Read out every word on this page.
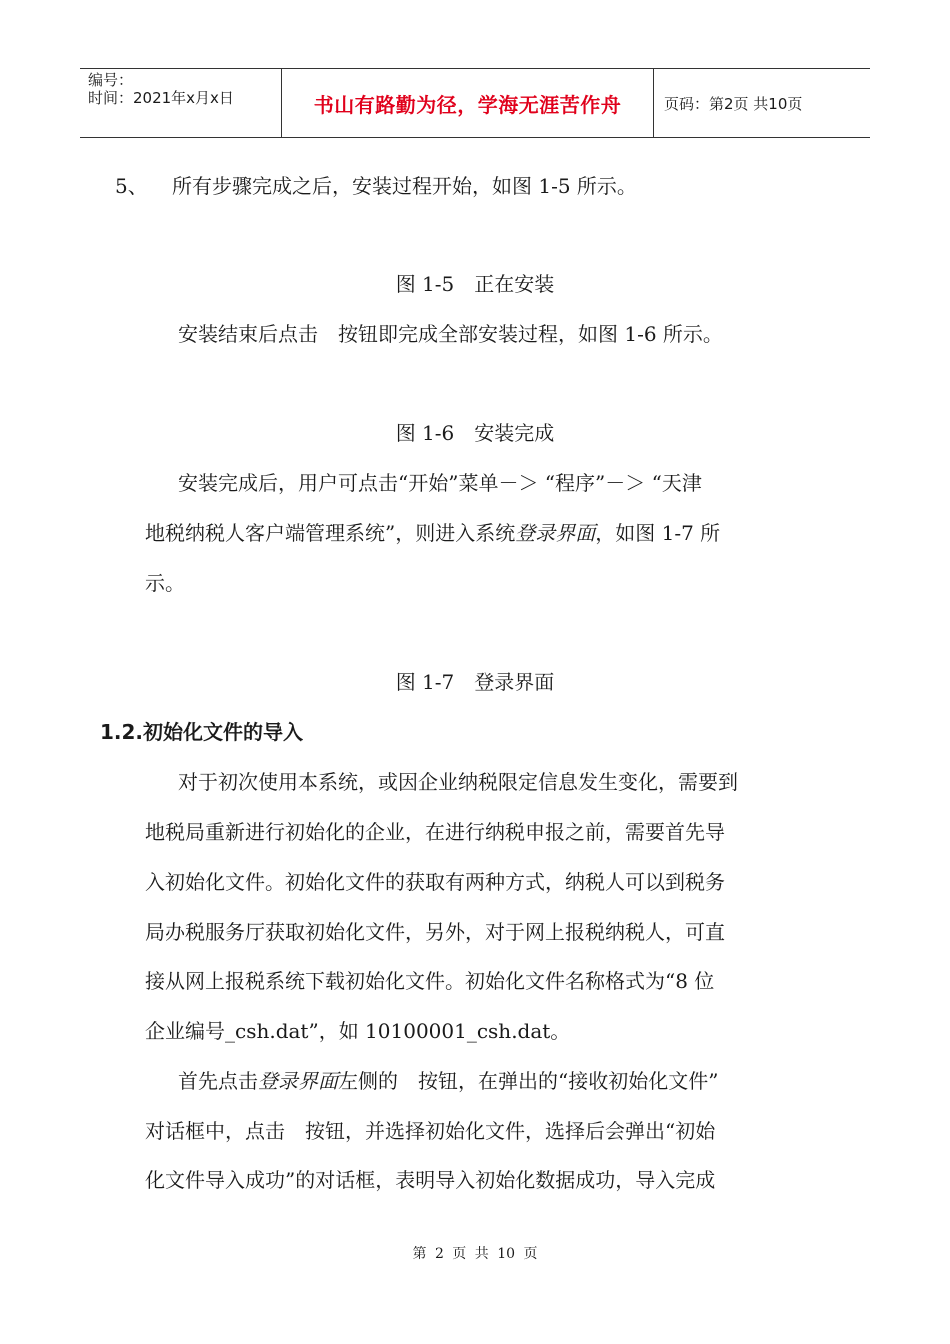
编号：
时间：2021年x月x日	书山有路勤为径，学海无涯苦作舟	页码：第2页 共10页

5、 所有步骤完成之后，安装过程开始，如图 1-5 所示。

图 1-5　正在安装

安装结束后点击　按钮即完成全部安装过程，如图 1-6 所示。

图 1-6　安装完成

安装完成后，用户可点击“开始”菜单－＞ “程序”－＞ “天津

地税纳税人客户端管理系统”，则进入系统登录界面，如图 1-7 所

示。

图 1-7　登录界面

1.2.初始化文件的导入

对于初次使用本系统，或因企业纳税限定信息发生变化，需要到

地税局重新进行初始化的企业，在进行纳税申报之前，需要首先导

入初始化文件。初始化文件的获取有两种方式，纳税人可以到税务

局办税服务厅获取初始化文件，另外，对于网上报税纳税人，可直

接从网上报税系统下载初始化文件。初始化文件名称格式为“8 位

企业编号_csh.dat”，如 10100001_csh.dat。

首先点击登录界面左侧的　按钮，在弹出的“接收初始化文件”

对话框中，点击　按钮，并选择初始化文件，选择后会弹出“初始

化文件导入成功”的对话框，表明导入初始化数据成功，导入完成

第 2 页 共 10 页
